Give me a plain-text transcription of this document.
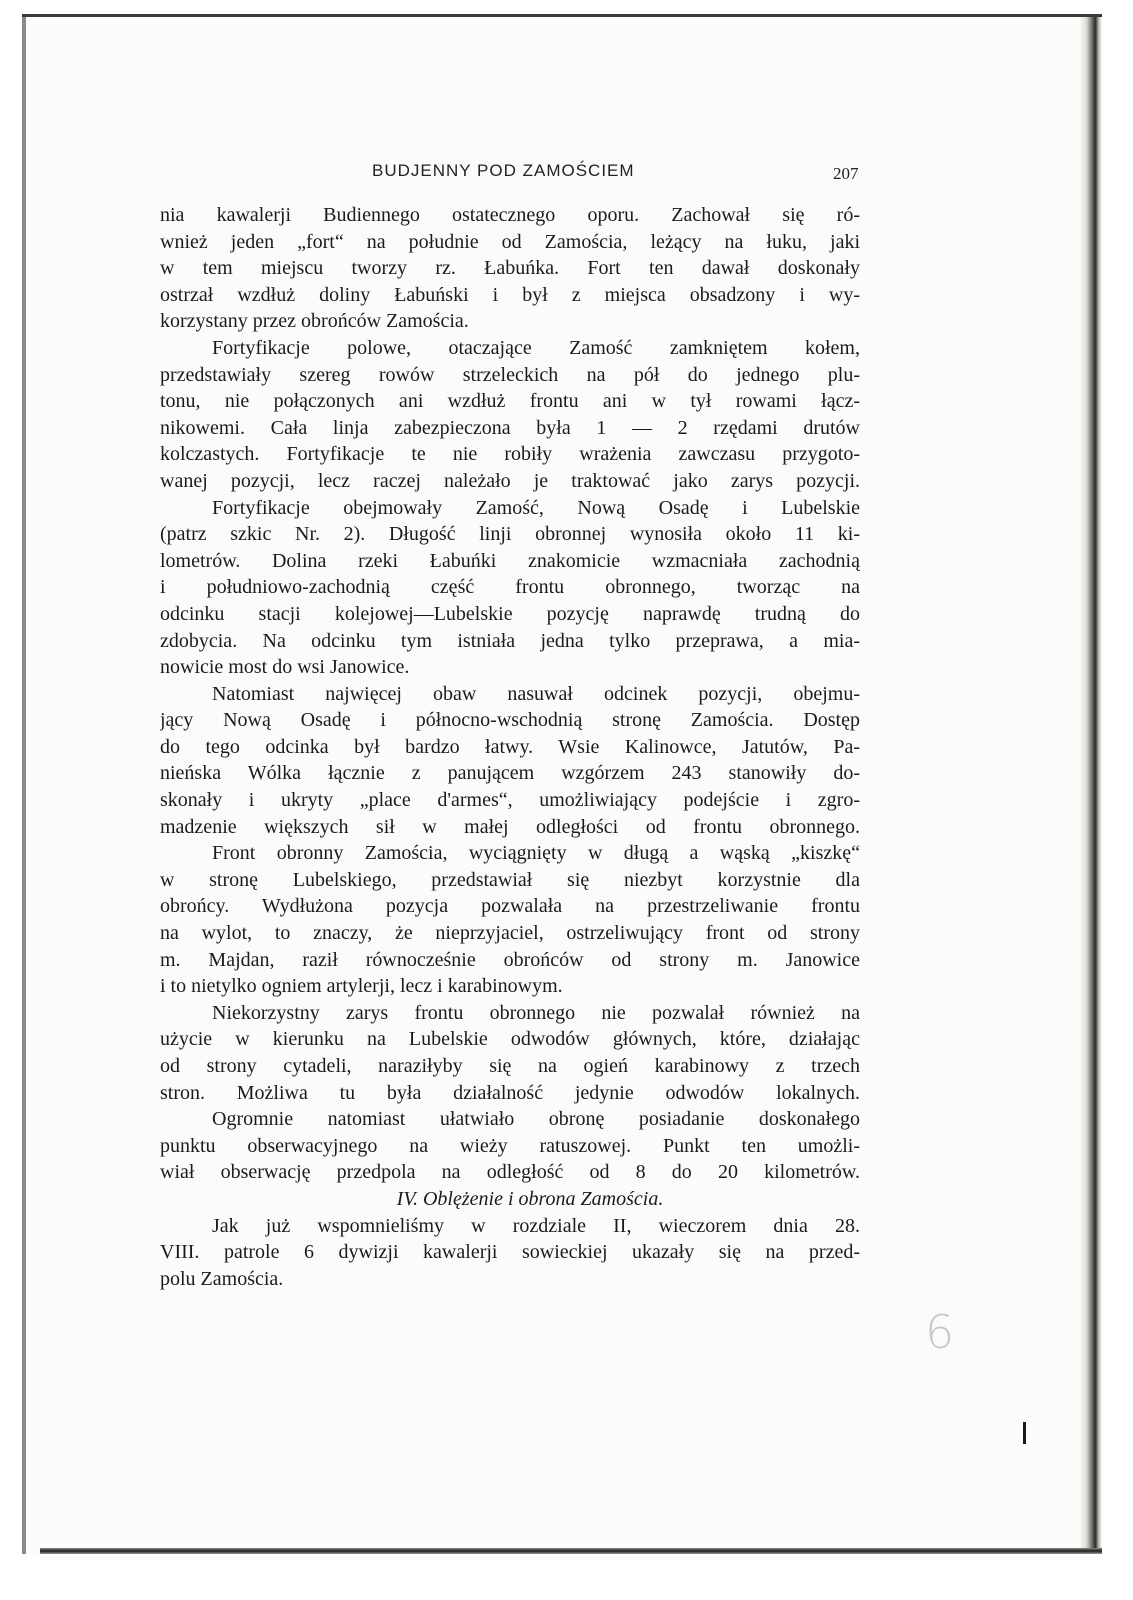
BUDJENNY POD ZAMOŚCIEM	207
nia kawalerji Budiennego ostatecznego oporu. Zachował się ró-
wnież jeden „fort“ na południe od Zamościa, leżący na łuku, jaki
w tem miejscu tworzy rz. Łabuńka. Fort ten dawał doskonały
ostrzał wzdłuż doliny Łabuński i był z miejsca obsadzony i wy-
korzystany przez obrońców Zamościa.
Fortyfikacje polowe, otaczające Zamość zamkniętem kołem,
przedstawiały szereg rowów strzeleckich na pół do jednego plu-
tonu, nie połączonych ani wzdłuż frontu ani w tył rowami łącz-
nikowemi. Cała linja zabezpieczona była 1 — 2 rzędami drutów
kolczastych. Fortyfikacje te nie robiły wrażenia zawczasu przygoto-
wanej pozycji, lecz raczej należało je traktować jako zarys pozycji.
Fortyfikacje obejmowały Zamość, Nową Osadę i Lubelskie
(patrz szkic Nr. 2). Długość linji obronnej wynosiła około 11 ki-
lometrów. Dolina rzeki Łabuńki znakomicie wzmacniała zachodnią
i południowo-zachodnią część frontu obronnego, tworząc na
odcinku stacji kolejowej—Lubelskie pozycję naprawdę trudną do
zdobycia. Na odcinku tym istniała jedna tylko przeprawa, a mia-
nowicie most do wsi Janowice.
Natomiast najwięcej obaw nasuwał odcinek pozycji, obejmu-
jący Nową Osadę i północno-wschodnią stronę Zamościa. Dostęp
do tego odcinka był bardzo łatwy. Wsie Kalinowce, Jatutów, Pa-
nieńska Wólka łącznie z panującem wzgórzem 243 stanowiły do-
skonały i ukryty „place d'armes“, umożliwiający podejście i zgro-
madzenie większych sił w małej odległości od frontu obronnego.
Front obronny Zamościa, wyciągnięty w długą a wąską „kiszkę“
w stronę Lubelskiego, przedstawiał się niezbyt korzystnie dla
obrońcy. Wydłużona pozycja pozwalała na przestrzeliwanie frontu
na wylot, to znaczy, że nieprzyjaciel, ostrzeliwujący front od strony
m. Majdan, raził równocześnie obrońców od strony m. Janowice
i to nietylko ogniem artylerji, lecz i karabinowym.
Niekorzystny zarys frontu obronnego nie pozwalał również na
użycie w kierunku na Lubelskie odwodów głównych, które, działając
od strony cytadeli, naraziłyby się na ogień karabinowy z trzech
stron. Możliwa tu była działalność jedynie odwodów lokalnych.
Ogromnie natomiast ułatwiało obronę posiadanie doskonałego
punktu obserwacyjnego na wieży ratuszowej. Punkt ten umożli-
wiał obserwację przedpola na odległość od 8 do 20 kilometrów.
IV. Oblężenie i obrona Zamościa.
Jak już wspomnieliśmy w rozdziale II, wieczorem dnia 28.
VIII. patrole 6 dywizji kawalerji sowieckiej ukazały się na przed-
polu Zamościa.
6
